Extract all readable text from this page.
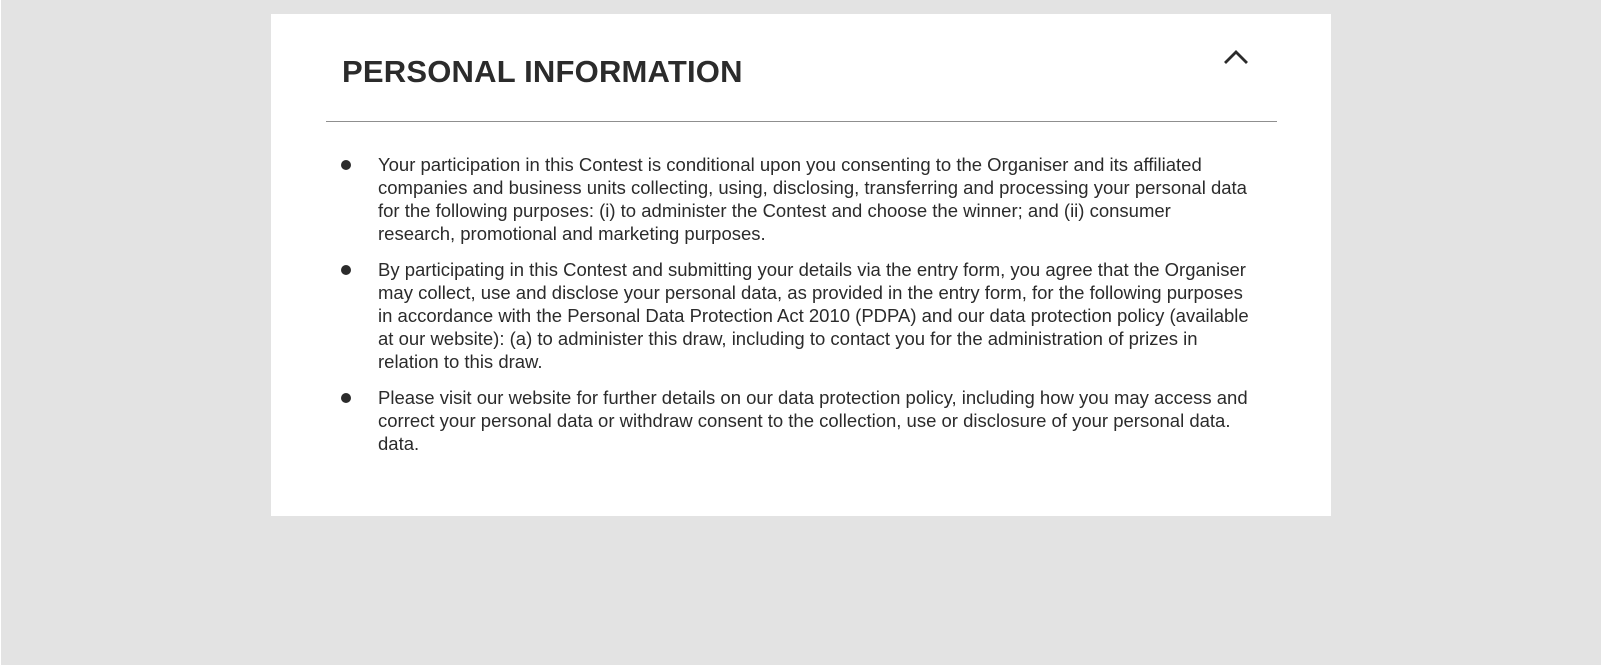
PERSONAL INFORMATION
Your participation in this Contest is conditional upon you consenting to the Organiser and its affiliated companies and business units collecting, using, disclosing, transferring and processing your personal data for the following purposes: (i) to administer the Contest and choose the winner; and (ii) consumer research, promotional and marketing purposes.
By participating in this Contest and submitting your details via the entry form, you agree that the Organiser may collect, use and disclose your personal data, as provided in the entry form, for the following purposes in accordance with the Personal Data Protection Act 2010 (PDPA) and our data protection policy (available at our website): (a) to administer this draw, including to contact you for the administration of prizes in relation to this draw.
Please visit our website for further details on our data protection policy, including how you may access and correct your personal data or withdraw consent to the collection, use or disclosure of your personal data. data.
